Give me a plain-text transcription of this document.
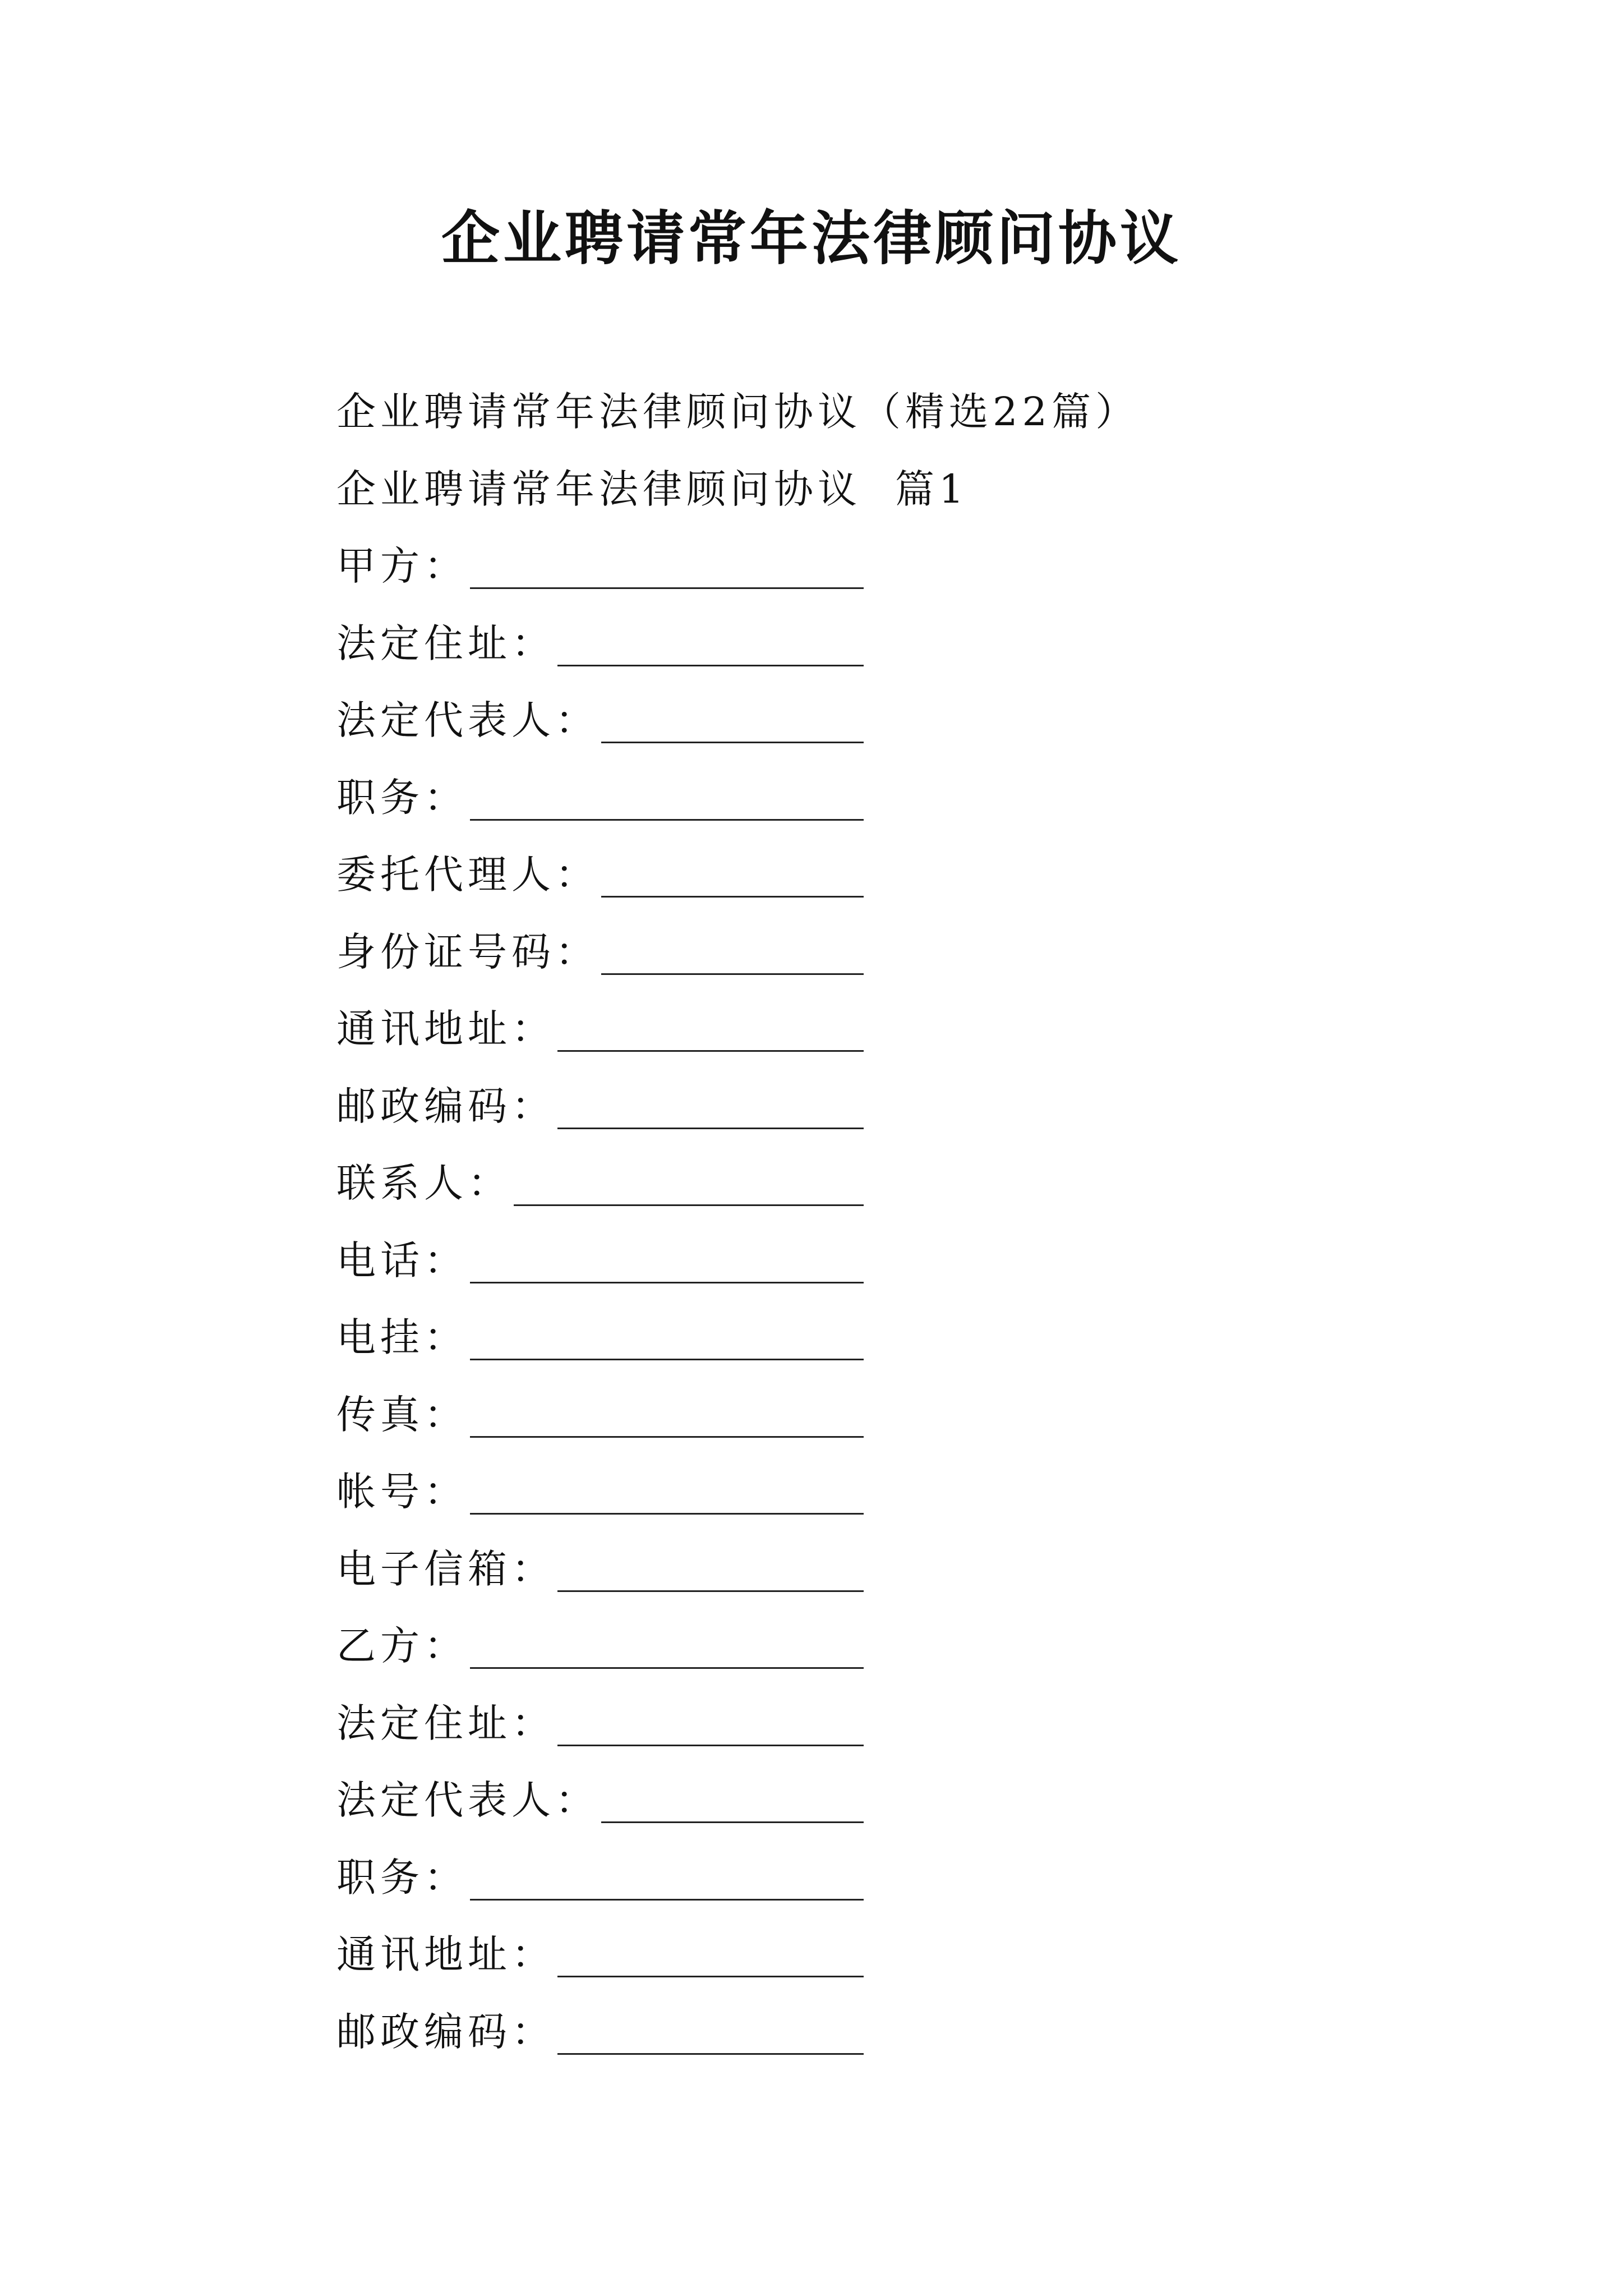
企业聘请常年法律顾问协议
企业聘请常年法律顾问协议（精选22篇）
企业聘请常年法律顾问协议 篇1
甲方：
法定住址：
法定代表人：
职务：
委托代理人：
身份证号码：
通讯地址：
邮政编码：
联系人：
电话：
电挂：
传真：
帐号：
电子信箱：
乙方：
法定住址：
法定代表人：
职务：
通讯地址：
邮政编码：
